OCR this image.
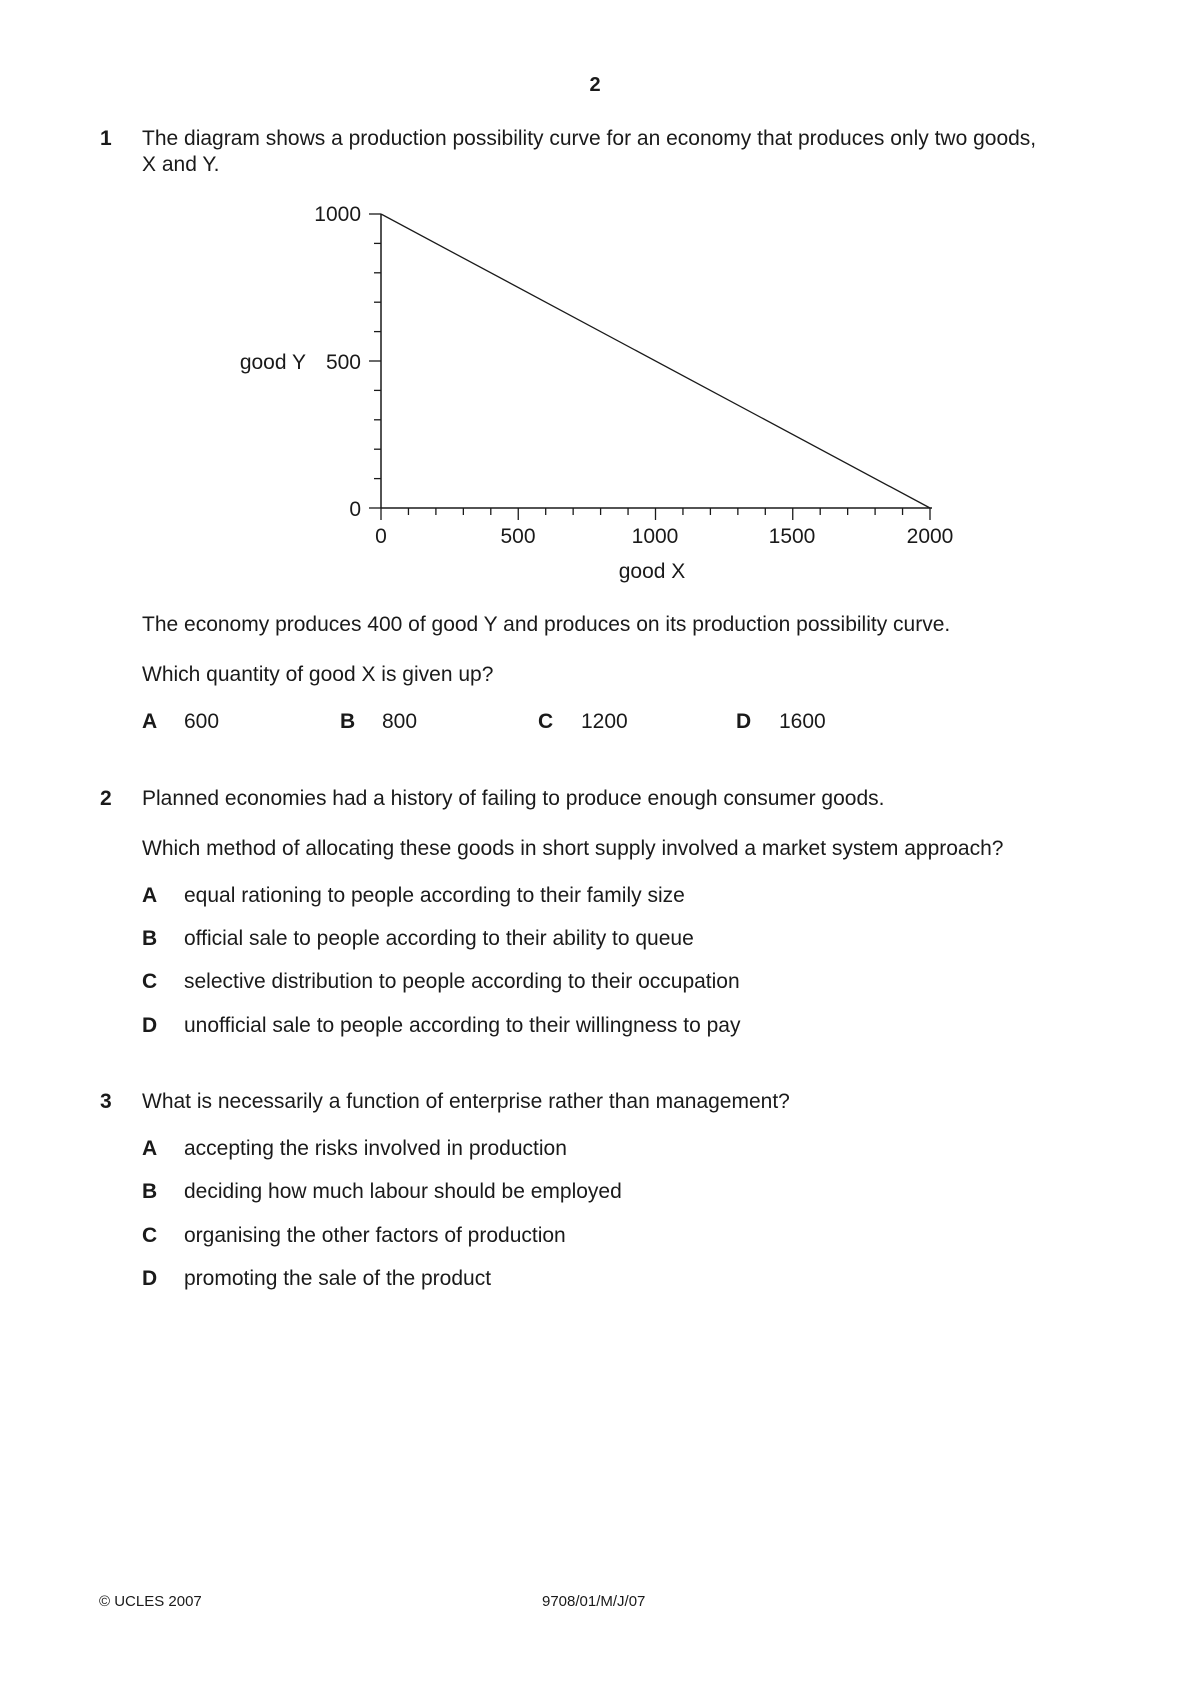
2
1 The diagram shows a production possibility curve for an economy that produces only two goods,
X and Y.
1000
500
0
good Y
0	500	1000	1500	2000
good X
The economy produces 400 of good Y and produces on its production possibility curve.
Which quantity of good X is given up?
A 600	B 800	C 1200	D 1600
2 Planned economies had a history of failing to produce enough consumer goods.
Which method of allocating these goods in short supply involved a market system approach?
A equal rationing to people according to their family size
B official sale to people according to their ability to queue
C selective distribution to people according to their occupation
D unofficial sale to people according to their willingness to pay
3 What is necessarily a function of enterprise rather than management?
A accepting the risks involved in production
B deciding how much labour should be employed
C organising the other factors of production
D promoting the sale of the product
© UCLES 2007	9708/01/M/J/07
